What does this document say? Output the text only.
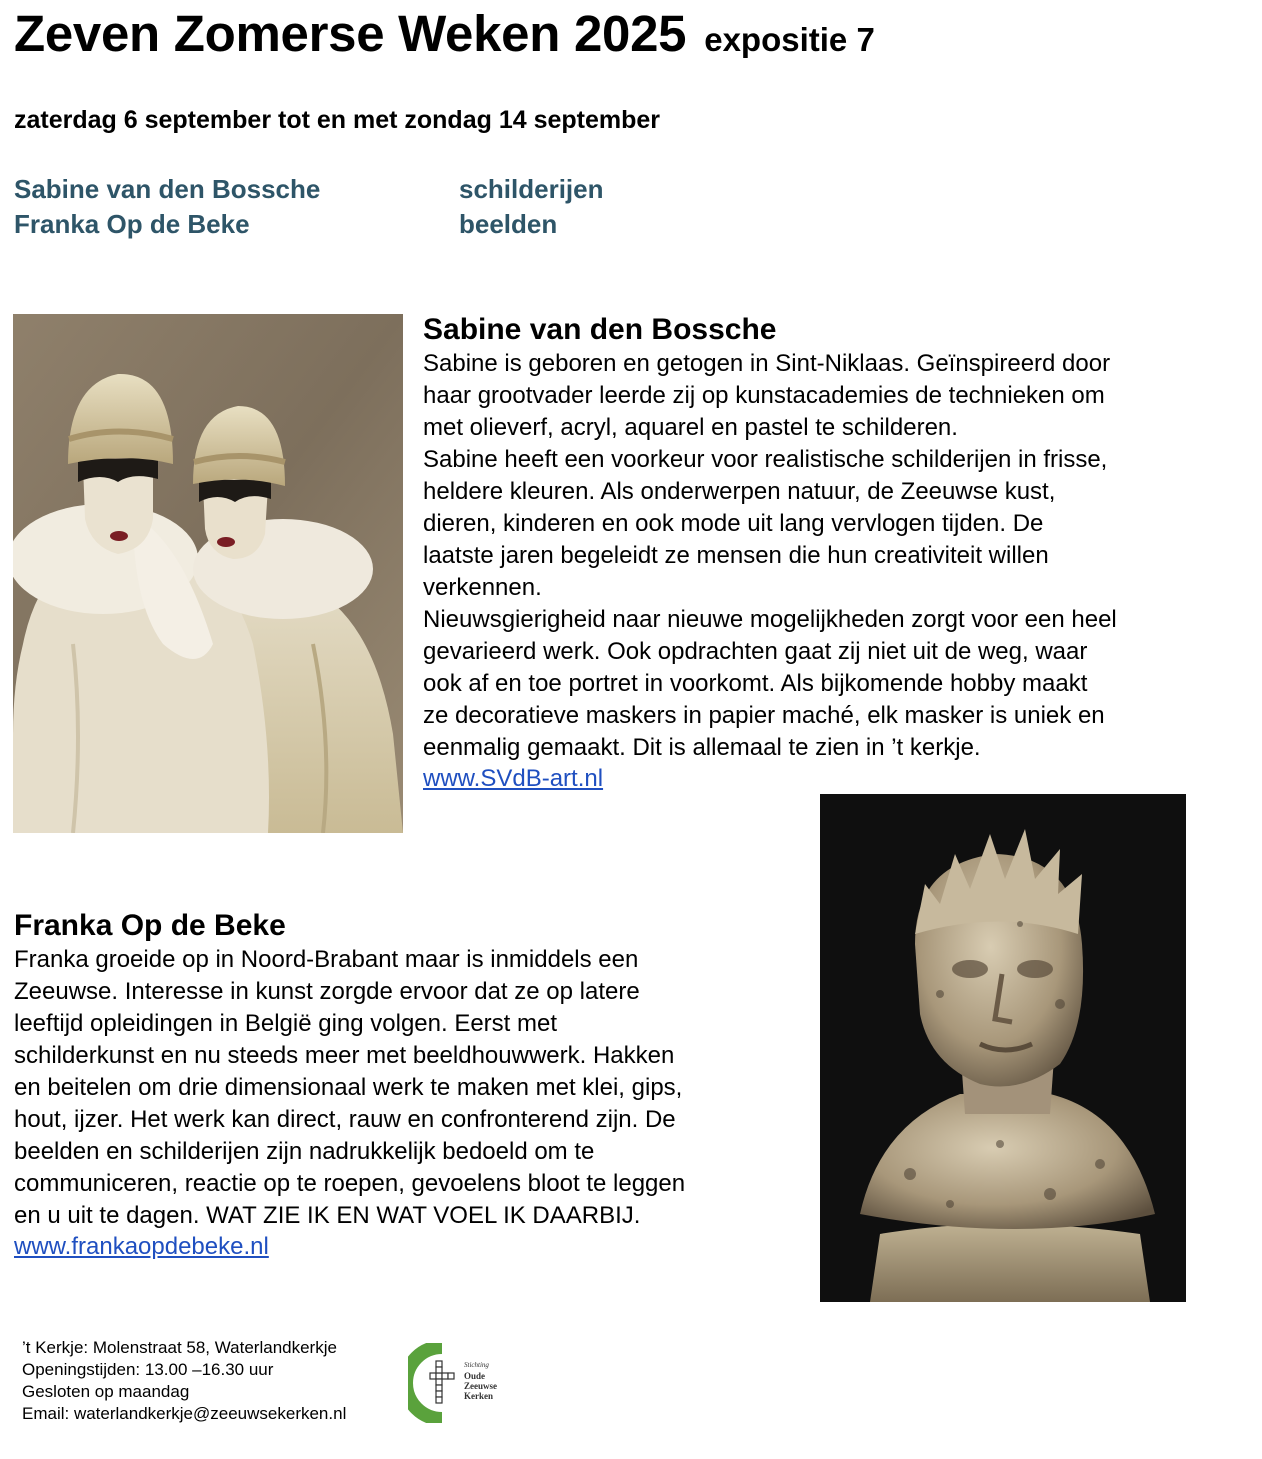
Zeven Zomerse Weken 2025 expositie 7

zaterdag 6 september tot en met zondag 14 september

Sabine van den Bossche	schilderijen
Franka Op de Beke	beelden
Sabine van den Bossche
Sabine is geboren en getogen in Sint-Niklaas. Geïnspireerd door
haar grootvader leerde zij op kunstacademies de technieken om
met olieverf, acryl, aquarel en pastel te schilderen.
Sabine heeft een voorkeur voor realistische schilderijen in frisse,
heldere kleuren. Als onderwerpen natuur, de Zeeuwse kust,
dieren, kinderen en ook mode uit lang vervlogen tijden. De
laatste jaren begeleidt ze mensen die hun creativiteit willen
verkennen.
Nieuwsgierigheid naar nieuwe mogelijkheden zorgt voor een heel
gevarieerd werk. Ook opdrachten gaat zij niet uit de weg, waar
ook af en toe portret in voorkomt. Als bijkomende hobby maakt
ze decoratieve maskers in papier maché, elk masker is uniek en
eenmalig gemaakt. Dit is allemaal te zien in ’t kerkje.
www.SVdB-art.nl
Franka Op de Beke
Franka groeide op in Noord-Brabant maar is inmiddels een
Zeeuwse. Interesse in kunst zorgde ervoor dat ze op latere
leeftijd opleidingen in België ging volgen. Eerst met
schilderkunst en nu steeds meer met beeldhouwwerk. Hakken
en beitelen om drie dimensionaal werk te maken met klei, gips,
hout, ijzer. Het werk kan direct, rauw en confronterend zijn. De
beelden en schilderijen zijn nadrukkelijk bedoeld om te
communiceren, reactie op te roepen, gevoelens bloot te leggen
en u uit te dagen. WAT ZIE IK EN WAT VOEL IK DAARBIJ.
www.frankaopdebeke.nl
’t Kerkje: Molenstraat 58, Waterlandkerkje
Openingstijden: 13.00 –16.30 uur
Gesloten op maandag
Email: waterlandkerkje@zeeuwsekerken.nl
Stichting
Oude
Zeeuwse
Kerken
